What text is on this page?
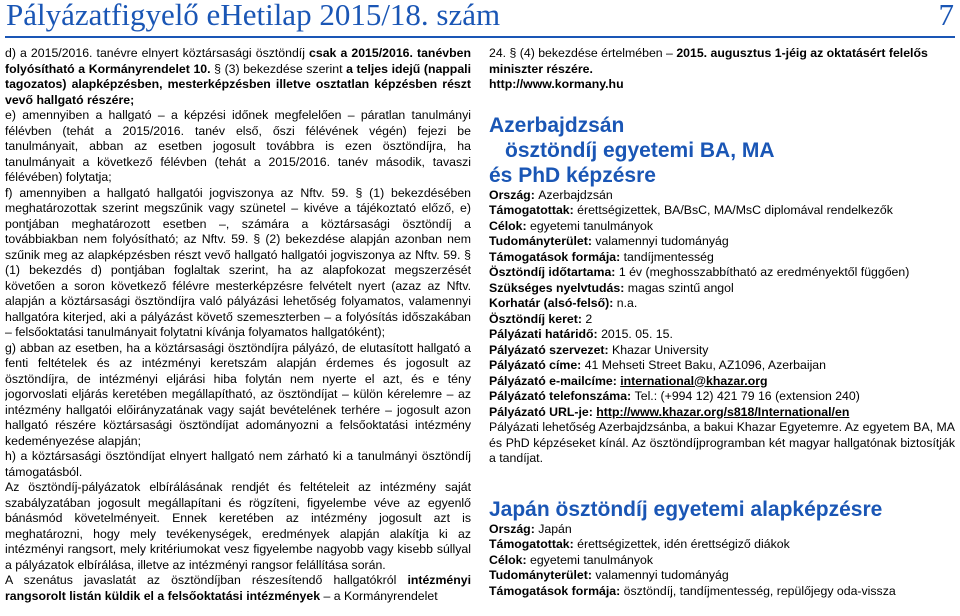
Pályázatfigyelő eHetilap 2015/18. szám	7

d) a 2015/2016. tanévre elnyert köztársasági ösztöndíj csak a 2015/2016. tanévben folyósítható a Kormányrendelet 10. § (3) bekezdése szerint a teljes idejű (nappali tagozatos) alapképzésben, mesterképzésben illetve osztatlan képzésben részt vevő hallgató részére;

e) amennyiben a hallgató – a képzési időnek megfelelően – páratlan tanulmányi félévben (tehát a 2015/2016. tanév első, őszi félévének végén) fejezi be tanulmányait, abban az esetben jogosult továbbra is ezen ösztöndíjra, ha tanulmányait a következő félévben (tehát a 2015/2016. tanév második, tavaszi félévében) folytatja;

f) amennyiben a hallgató hallgatói jogviszonya az Nftv. 59. § (1) bekezdésében meghatározottak szerint megszűnik vagy szünetel – kivéve a tájékoztató előző, e) pontjában meghatározott esetben –, számára a köztársasági ösztöndíj a továbbiakban nem folyósítható; az Nftv. 59. § (2) bekezdése alapján azonban nem szűnik meg az alapképzésben részt vevő hallgató hallgatói jogviszonya az Nftv. 59. § (1) bekezdés d) pontjában foglaltak szerint, ha az alapfokozat megszerzését követően a soron következő félévre mesterképzésre felvételt nyert (azaz az Nftv. alapján a köztársasági ösztöndíjra való pályázási lehetőség folyamatos, valamennyi hallgatóra kiterjed, aki a pályázást követő szemeszterben – a folyósítás időszakában – felsőoktatási tanulmányait folytatni kívánja folyamatos hallgatóként);

g) abban az esetben, ha a köztársasági ösztöndíjra pályázó, de elutasított hallgató a fenti feltételek és az intézményi keretszám alapján érdemes és jogosult az ösztöndíjra, de intézményi eljárási hiba folytán nem nyerte el azt, és e tény jogorvoslati eljárás keretében megállapítható, az ösztöndíjat – külön kérelemre – az intézmény hallgatói előirányzatának vagy saját bevételének terhére – jogosult azon hallgató részére köztársasági ösztöndíjat adományozni a felsőoktatási intézmény kedeményezése alapján;

h) a köztársasági ösztöndíjat elnyert hallgató nem zárható ki a tanulmányi ösztöndíj támogatásból.

Az ösztöndíj-pályázatok elbírálásának rendjét és feltételeit az intézmény saját szabályzatában jogosult megállapítani és rögzíteni, figyelembe véve az egyenlő bánásmód követelményeit. Ennek keretében az intézmény jogosult azt is meghatározni, hogy mely tevékenységek, eredmények alapján alakítja ki az intézményi rangsort, mely kritériumokat vesz figyelembe nagyobb vagy kisebb súllyal a pályázatok elbírálása, illetve az intézményi rangsor felállítása során.

A szenátus javaslatát az ösztöndíjban részesítendő hallgatókról intézményi rangsorolt listán küldik el a felsőoktatási intézmények – a Kormányrendelet

24. § (4) bekezdése értelmében – 2015. augusztus 1-jéig az oktatásért felelős miniszter részére.

http://www.kormany.hu

Azerbajdzsán
ösztöndíj egyetemi BA, MA
és PhD képzésre

Ország: Azerbajdzsán

Támogatottak: érettségizettek, BA/BsC, MA/MsC diplomával rendelkezők

Célok: egyetemi tanulmányok

Tudományterület: valamennyi tudományág

Támogatások formája: tandíjmentesség

Ösztöndíj időtartama: 1 év (meghosszabbítható az eredményektől függően)

Szükséges nyelvtudás: magas szintű angol

Korhatár (alsó-felső): n.a.

Ösztöndíj keret: 2

Pályázati határidő: 2015. 05. 15.

Pályázató szervezet: Khazar University

Pályázató címe: 41 Mehseti Street Baku, AZ1096, Azerbaijan

Pályázató e-mailcíme: international@khazar.org

Pályázató telefonszáma: Tel.: (+994 12) 421 79 16 (extension 240)

Pályázató URL-je: http://www.khazar.org/s818/International/en

Pályázati lehetőség Azerbajdzsánba, a bakui Khazar Egyetemre. Az egyetem BA, MA és PhD képzéseket kínál. Az ösztöndíjprogramban két magyar hallgatónak biztosítják a tandíjat.

Japán ösztöndíj egyetemi alapképzésre

Ország: Japán

Támogatottak: érettségizettek, idén érettségiző diákok

Célok: egyetemi tanulmányok

Tudományterület: valamennyi tudományág

Támogatások formája: ösztöndíj, tandíjmentesség, repülőjegy oda-vissza
